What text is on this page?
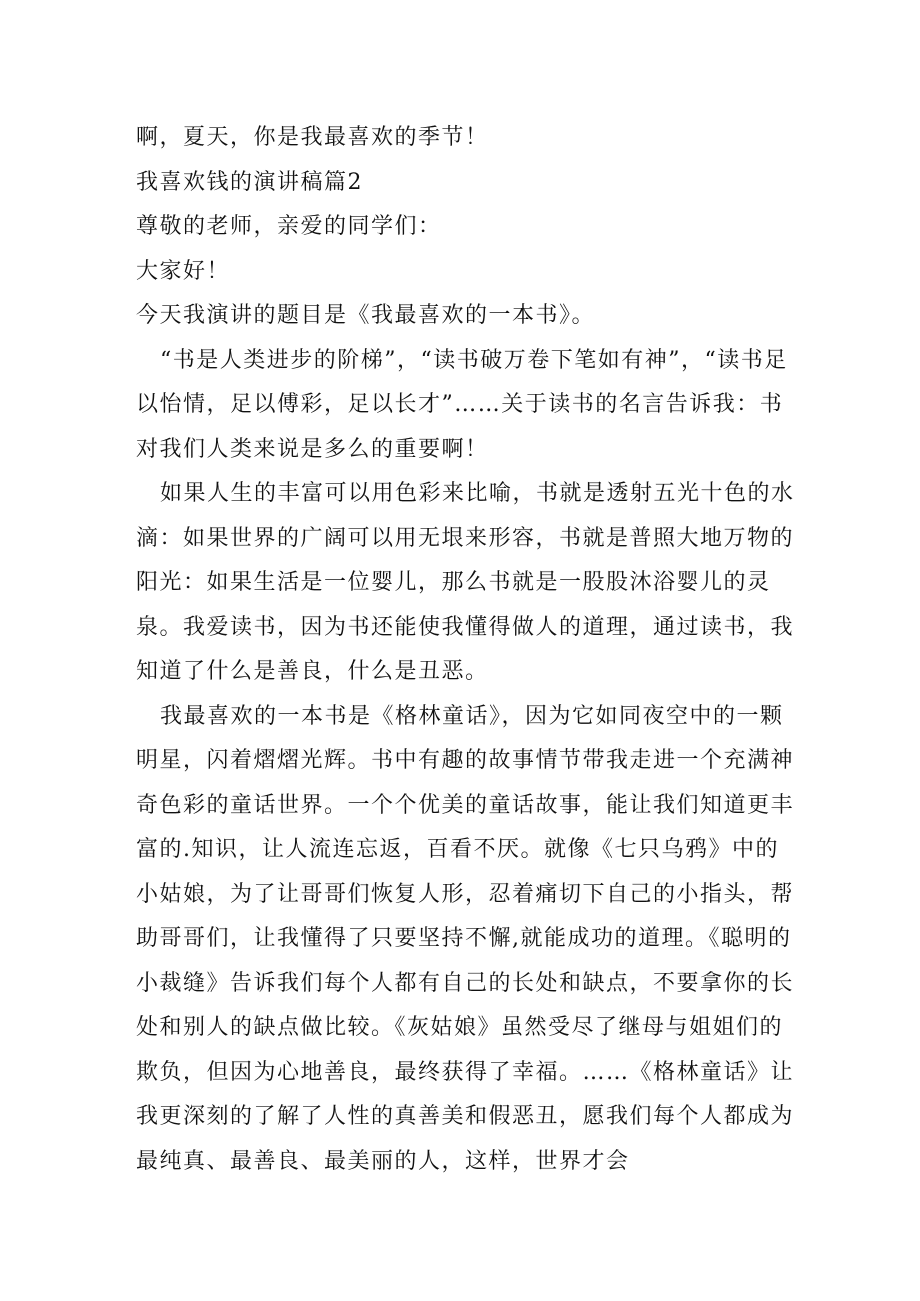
啊，夏天，你是我最喜欢的季节！
我喜欢钱的演讲稿篇2
尊敬的老师，亲爱的同学们：
大家好！
今天我演讲的题目是《我最喜欢的一本书》。

“书是人类进步的阶梯”，“读书破万卷下笔如有神”，“读书足以怡情，足以傅彩，足以长才”……关于读书的名言告诉我：书对我们人类来说是多么的重要啊！

如果人生的丰富可以用色彩来比喻，书就是透射五光十色的水滴：如果世界的广阔可以用无垠来形容，书就是普照大地万物的阳光：如果生活是一位婴儿，那么书就是一股股沐浴婴儿的灵泉。我爱读书，因为书还能使我懂得做人的道理，通过读书，我知道了什么是善良，什么是丑恶。

我最喜欢的一本书是《格林童话》，因为它如同夜空中的一颗明星，闪着熠熠光辉。书中有趣的故事情节带我走进一个充满神奇色彩的童话世界。一个个优美的童话故事，能让我们知道更丰富的.知识，让人流连忘返，百看不厌。就像《七只乌鸦》中的小姑娘，为了让哥哥们恢复人形，忍着痛切下自己的小指头，帮助哥哥们，让我懂得了只要坚持不懈,就能成功的道理。《聪明的小裁缝》告诉我们每个人都有自己的长处和缺点，不要拿你的长处和别人的缺点做比较。《灰姑娘》虽然受尽了继母与姐姐们的欺负，但因为心地善良，最终获得了幸福。……《格林童话》让我更深刻的了解了人性的真善美和假恶丑，愿我们每个人都成为最纯真、最善良、最美丽的人，这样，世界才会
